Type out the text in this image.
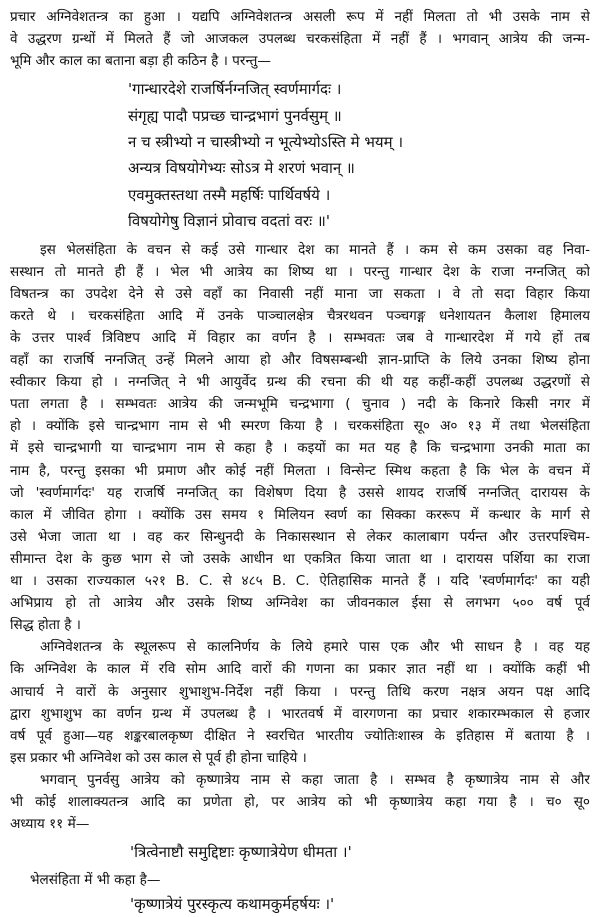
प्रचार अग्निवेशतन्त्र का हुआ । यद्यपि अग्निवेशतन्त्र असली रूप में नहीं मिलता तो भी उसके नाम से
वे उद्धरण ग्रन्थों में मिलते हैं जो आजकल उपलब्ध चरकसंहिता में नहीं हैं । भगवान् आत्रेय की जन्म-
भूमि और काल का बताना बड़ा ही कठिन है । परन्तु—
'गान्धारदेशे राजर्षिर्नग्नजित् स्वर्णमार्गदः ।
संगृह्य पादौ पप्रच्छ चान्द्रभागं पुनर्वसुम् ॥
न च स्त्रीभ्यो न चास्त्रीभ्यो न भूत्येभ्योऽस्ति मे भयम् ।
अन्यत्र विषयोगेभ्यः सोऽत्र मे शरणं भवान् ॥
एवमुक्तस्तथा तस्मै महर्षिः पार्थिवर्षये ।
विषयोगेषु विज्ञानं प्रोवाच वदतां वरः ॥'
इस भेलसंहिता के वचन से कई उसे गान्धार देश का मानते हैं । कम से कम उसका वह निवा-
सस्थान तो मानते ही हैं । भेल भी आत्रेय का शिष्य था । परन्तु गान्धार देश के राजा नग्नजित् को
विषतन्त्र का उपदेश देने से उसे वहाँ का निवासी नहीं माना जा सकता । वे तो सदा विहार किया
करते थे । चरकसंहिता आदि में उनके पाञ्चालक्षेत्र चैत्ररथवन पञ्चगङ्ग धनेशायतन कैलाश हिमालय
के उत्तर पार्श्व त्रिविष्टप आदि में विहार का वर्णन है । सम्भवतः जब वे गान्धारदेश में गये हों तब
वहाँ का राजर्षि नग्नजित् उन्हें मिलने आया हो और विषसम्बन्धी ज्ञान-प्राप्ति के लिये उनका शिष्य होना
स्वीकार किया हो । नग्नजित् ने भी आयुर्वेद ग्रन्थ की रचना की थी यह कहीं-कहीं उपलब्ध उद्धरणों से
पता लगता है । सम्भवतः आत्रेय की जन्मभूमि चन्द्रभागा ( चुनाव ) नदी के किनारे किसी नगर में
हो । क्योंकि इसे चान्द्रभाग नाम से भी स्मरण किया है । चरकसंहिता सू० अ० १३ में तथा भेलसंहिता
में इसे चान्द्रभागी या चान्द्रभाग नाम से कहा है । कइयों का मत यह है कि चन्द्रभागा उनकी माता का
नाम है, परन्तु इसका भी प्रमाण और कोई नहीं मिलता । विन्सेन्ट स्मिथ कहता है कि भेल के वचन में
जो 'स्वर्णमार्गदः' यह राजर्षि नग्नजित् का विशेषण दिया है उससे शायद राजर्षि नग्नजित् दारायस के
काल में जीवित होगा । क्योंकि उस समय १ मिलियन स्वर्ण का सिक्का कररूप में कन्धार के मार्ग से
उसे भेजा जाता था । वह कर सिन्धुनदी के निकासस्थान से लेकर कालाबाग पर्यन्त और उत्तरपश्चिम-
सीमान्त देश के कुछ भाग से जो उसके आधीन था एकत्रित किया जाता था । दारायस पर्शिया का राजा
था । उसका राज्यकाल ५२१ B. C. से ४८५ B. C. ऐतिहासिक मानते हैं । यदि 'स्वर्णमार्गदः' का यही
अभिप्राय हो तो आत्रेय और उसके शिष्य अग्निवेश का जीवनकाल ईसा से लगभग ५०० वर्ष पूर्व
सिद्ध होता है ।
अग्निवेशतन्त्र के स्थूलरूप से कालनिर्णय के लिये हमारे पास एक और भी साधन है । वह यह
कि अग्निवेश के काल में रवि सोम आदि वारों की गणना का प्रकार ज्ञात नहीं था । क्योंकि कहीं भी
आचार्य ने वारों के अनुसार शुभाशुभ-निर्देश नहीं किया । परन्तु तिथि करण नक्षत्र अयन पक्ष आदि
द्वारा शुभाशुभ का वर्णन ग्रन्थ में उपलब्ध है । भारतवर्ष में वारगणना का प्रचार शकारम्भकाल से हजार
वर्ष पूर्व हुआ—यह शङ्करबालकृष्ण दीक्षित ने स्वरचित भारतीय ज्योतिःशास्त्र के इतिहास में बताया है ।
इस प्रकार भी अग्निवेश को उस काल से पूर्व ही होना चाहिये ।
भगवान् पुनर्वसु आत्रेय को कृष्णात्रेय नाम से कहा जाता है । सम्भव है कृष्णात्रेय नाम से और
भी कोई शालाक्यतन्त्र आदि का प्रणेता हो, पर आत्रेय को भी कृष्णात्रेय कहा गया है । च० सू०
अध्याय ११ में—
'त्रित्वेनाष्टौ समुद्दिष्टाः कृष्णात्रेयेण धीमता ।'
भेलसंहिता में भी कहा है—
'कृष्णात्रेयं पुरस्कृत्य कथामकुर्महर्षयः ।'
